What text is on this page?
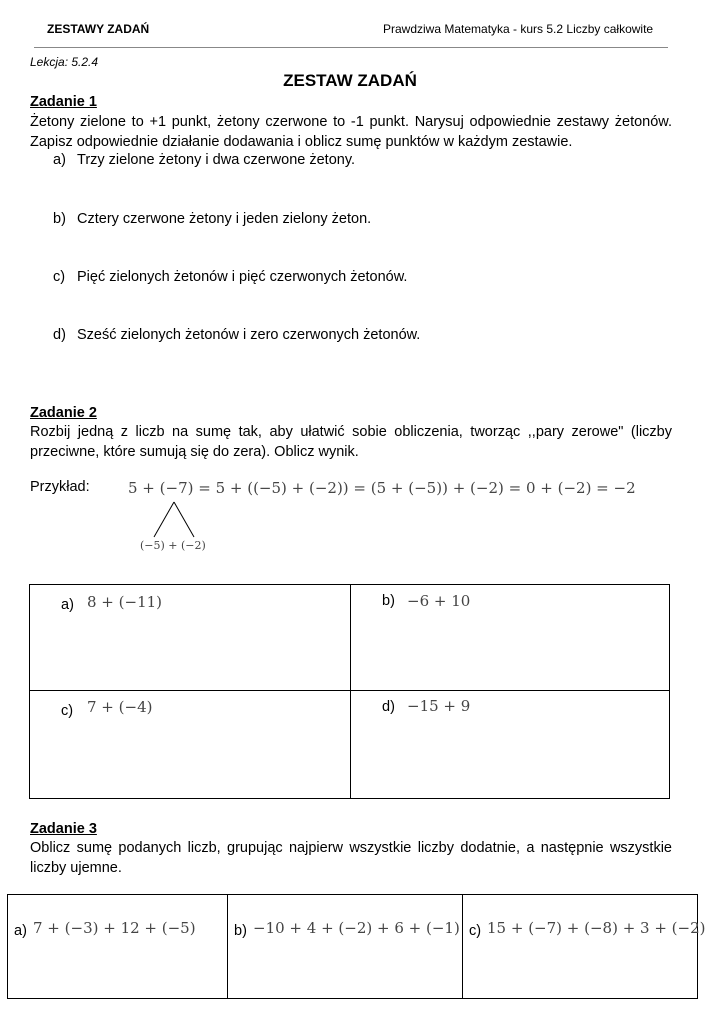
ZESTAWY ZADAŃ	Prawdziwa Matematyka - kurs 5.2 Liczby całkowite
Lekcja: 5.2.4
ZESTAW ZADAŃ
Zadanie 1
Żetony zielone to +1 punkt, żetony czerwone to -1 punkt. Narysuj odpowiednie zestawy żetonów. Zapisz odpowiednie działanie dodawania i oblicz sumę punktów w każdym zestawie.
a) Trzy zielone żetony i dwa czerwone żetony.
b) Cztery czerwone żetony i jeden zielony żeton.
c) Pięć zielonych żetonów i pięć czerwonych żetonów.
d) Sześć zielonych żetonów i zero czerwonych żetonów.
Zadanie 2
Rozbij jedną z liczb na sumę tak, aby ułatwić sobie obliczenia, tworząc ,,pary zerowe" (liczby przeciwne, które sumują się do zera). Oblicz wynik.
Przykład:	5 + (−7) = 5 + ((−5) + (−2)) = (5 + (−5)) + (−2) = 0 + (−2) = −2
(−5) + (−2)
a) 8 + (−11)	b) −6 + 10

c) 7 + (−4)	d) −15 + 9
Zadanie 3
Oblicz sumę podanych liczb, grupując najpierw wszystkie liczby dodatnie, a następnie wszystkie liczby ujemne.
a) 7 + (−3) + 12 + (−5)	b) −10 + 4 + (−2) + 6 + (−1)	c) 15 + (−7) + (−8) + 3 + (−2)
